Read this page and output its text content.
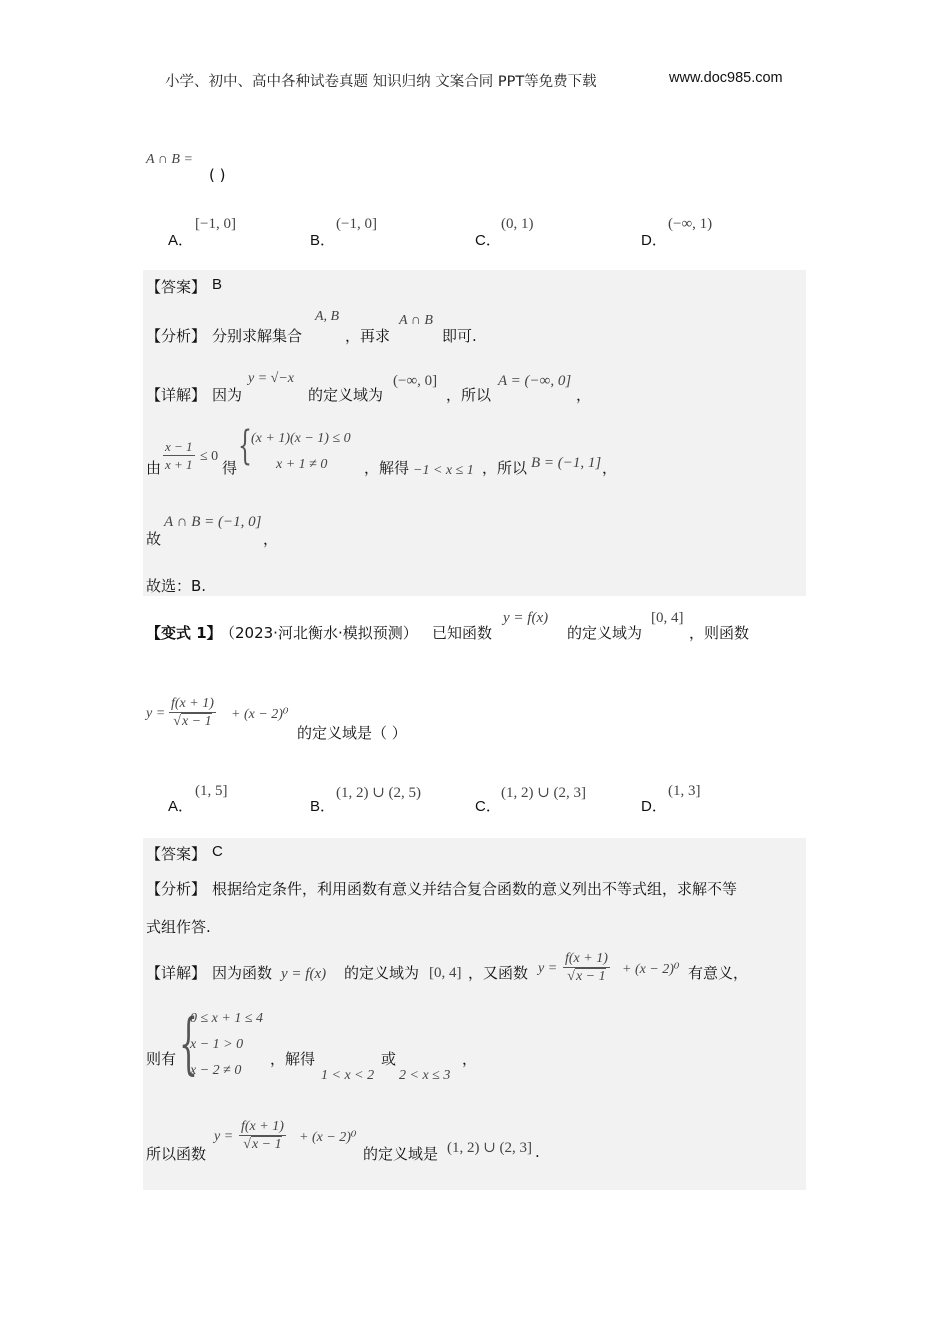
小学、初中、高中各种试卷真题 知识归纳 文案合同 PPT等免费下载	www.doc985.com
A ∩ B =
( )
A．
[−1, 0]
B．
(−1, 0]
C．
(0, 1)
D．
(−∞, 1)
【答案】 B
【分析】 分别求解集合
A, B
，再求
A ∩ B
即可.
【详解】 因为
y = √−x
的定义域为
(−∞, 0]
，所以
A = (−∞, 0]
，
由 $\frac{x - 1}{x + 1} \le 0$
得 { (x + 1)(x − 1) ≤ 0
x + 1 ≠ 0 ，解得 −1 < x ≤ 1 ，所以 B = (−1, 1] ，
故
A ∩ B = (−1, 0]
，
故选：B.
【变式 1】
（2023·河北衡水·模拟预测） 已知函数
y = f(x)
的定义域为
[0, 4]
，则函数
$y = \frac{f(x + 1)}{√x - 1} + (x - 2)^0$
的定义域是（ ）
A．
(1, 5]
B．
(1, 2) ∪ (2, 5)
C．
(1, 2) ∪ (2, 3]
D．
(1, 3]
【答案】 C
【分析】 根据给定条件，利用函数有意义并结合复合函数的意义列出不等式组，求解不等
式组作答.
【详解】 因为函数 y = f(x) 的定义域为 [0, 4] ，又函数 $y = \frac{f(x + 1)}{√x - 1} + (x - 2)^0$ 有意义，
则有 {
0 ≤ x + 1 ≤ 4
x − 1 > 0
x − 2 ≠ 0
，解得
1 < x < 2
或
2 < x ≤ 3
，
所以函数
$y = \frac{f(x + 1)}{√x - 1} + (x - 2)^0$
的定义域是 (1, 2) ∪ (2, 3] .
